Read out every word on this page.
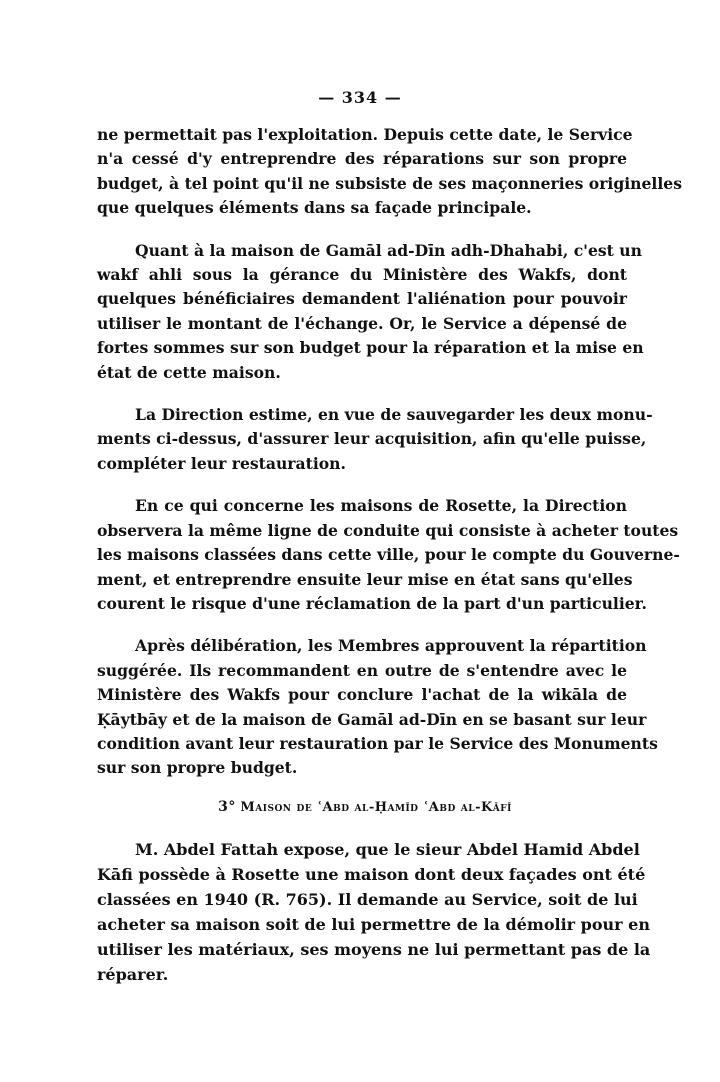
— 334 —

ne permettait pas l'exploitation. Depuis cette date, le Service
n'a cessé d'y entreprendre des réparations sur son propre
budget, à tel point qu'il ne subsiste de ses maçonneries originelles
que quelques éléments dans sa façade principale.

Quant à la maison de Gamāl ad-Dīn adh-Dhahabi, c'est un
wakf ahli sous la gérance du Ministère des Wakfs, dont
quelques bénéficiaires demandent l'aliénation pour pouvoir
utiliser le montant de l'échange. Or, le Service a dépensé de
fortes sommes sur son budget pour la réparation et la mise en
état de cette maison.

La Direction estime, en vue de sauvegarder les deux monu-
ments ci-dessus, d'assurer leur acquisition, afin qu'elle puisse,
compléter leur restauration.

En ce qui concerne les maisons de Rosette, la Direction
observera la même ligne de conduite qui consiste à acheter toutes
les maisons classées dans cette ville, pour le compte du Gouverne-
ment, et entreprendre ensuite leur mise en état sans qu'elles
courent le risque d'une réclamation de la part d'un particulier.

Après délibération, les Membres approuvent la répartition
suggérée. Ils recommandent en outre de s'entendre avec le
Ministère des Wakfs pour conclure l'achat de la wikāla de
Ḳāytbāy et de la maison de Gamāl ad-Dīn en se basant sur leur
condition avant leur restauration par le Service des Monuments
sur son propre budget.

3° Maison de ʿAbd al-Ḥamīd ʿAbd al-Kāfī

M. Abdel Fattah expose, que le sieur Abdel Hamid Abdel
Kāfi possède à Rosette une maison dont deux façades ont été
classées en 1940 (R. 765). Il demande au Service, soit de lui
acheter sa maison soit de lui permettre de la démolir pour en
utiliser les matériaux, ses moyens ne lui permettant pas de la
réparer.
